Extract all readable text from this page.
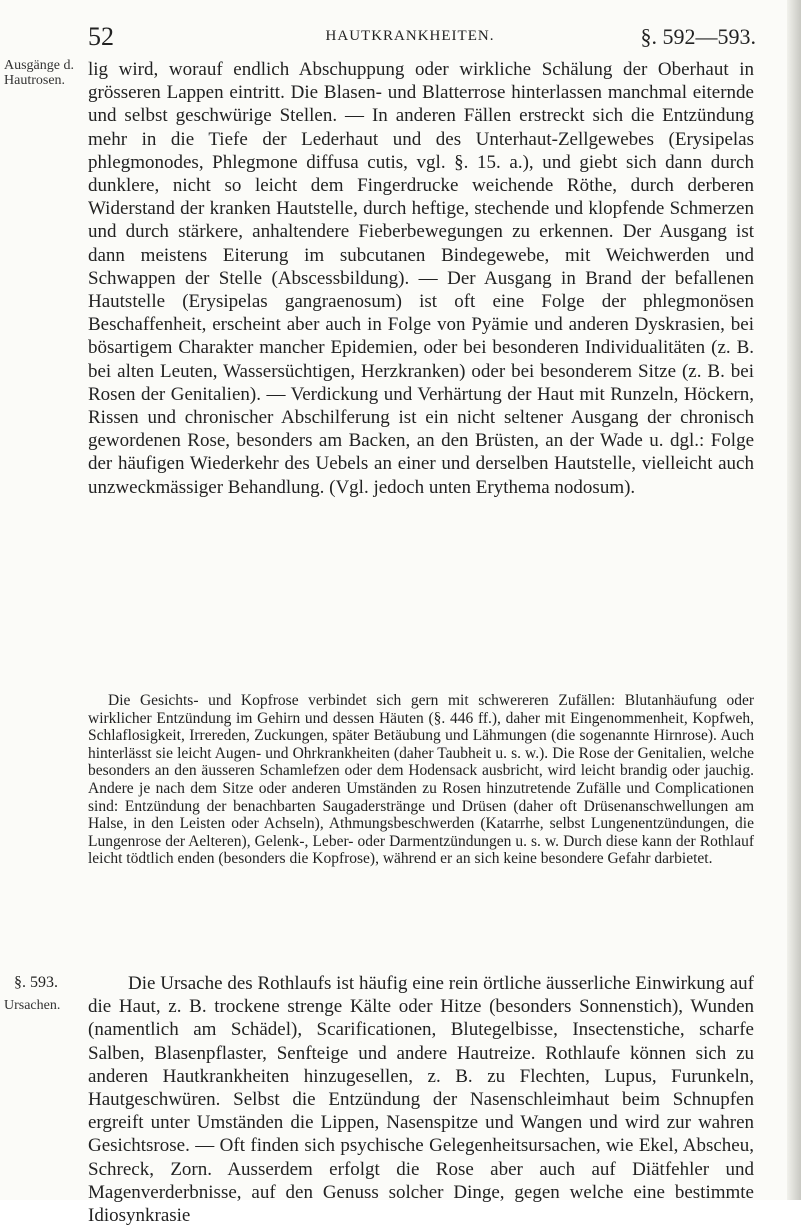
52	HAUTKRANKHEITEN.	§. 592—593.
Ausgänge d. Hautrosen.

lig wird, worauf endlich Abschuppung oder wirkliche Schälung der Oberhaut in grösseren Lappen eintritt. Die Blasen- und Blatterrose hinterlassen manchmal eiternde und selbst geschwürige Stellen. — In anderen Fällen erstreckt sich die Entzündung mehr in die Tiefe der Lederhaut und des Unterhaut-Zellgewebes (Erysipelas phlegmonodes, Phlegmone diffusa cutis, vgl. §. 15. a.), und giebt sich dann durch dunklere, nicht so leicht dem Fingerdrucke weichende Röthe, durch derberen Widerstand der kranken Hautstelle, durch heftige, stechende und klopfende Schmerzen und durch stärkere, anhaltendere Fieberbewegungen zu erkennen. Der Ausgang ist dann meistens Eiterung im subcutanen Bindegewebe, mit Weichwerden und Schwappen der Stelle (Abscessbildung). — Der Ausgang in Brand der befallenen Hautstelle (Erysipelas gangraenosum) ist oft eine Folge der phlegmonösen Beschaffenheit, erscheint aber auch in Folge von Pyämie und anderen Dyskrasien, bei bösartigem Charakter mancher Epidemien, oder bei besonderen Individualitäten (z. B. bei alten Leuten, Wassersüchtigen, Herzkranken) oder bei besonderem Sitze (z. B. bei Rosen der Genitalien). — Verdickung und Verhärtung der Haut mit Runzeln, Höckern, Rissen und chronischer Abschilferung ist ein nicht seltener Ausgang der chronisch gewordenen Rose, besonders am Backen, an den Brüsten, an der Wade u. dgl.: Folge der häufigen Wiederkehr des Uebels an einer und derselben Hautstelle, vielleicht auch unzweckmässiger Behandlung. (Vgl. jedoch unten Erythema nodosum).

Die Gesichts- und Kopfrose verbindet sich gern mit schwereren Zufällen: Blutanhäufung oder wirklicher Entzündung im Gehirn und dessen Häuten (§. 446 ff.), daher mit Eingenommenheit, Kopfweh, Schlaflosigkeit, Irrereden, Zuckungen, später Betäubung und Lähmungen (die sogenannte Hirnrose). Auch hinterlässt sie leicht Augen- und Ohrkrankheiten (daher Taubheit u. s. w.). Die Rose der Genitalien, welche besonders an den äusseren Schamlefzen oder dem Hodensack ausbricht, wird leicht brandig oder jauchig. Andere je nach dem Sitze oder anderen Umständen zu Rosen hinzutretende Zufälle und Complicationen sind: Entzündung der benachbarten Saugaderstränge und Drüsen (daher oft Drüsenanschwellungen am Halse, in den Leisten oder Achseln), Athmungsbeschwerden (Katarrhe, selbst Lungenentzündungen, die Lungenrose der Aelteren), Gelenk-, Leber- oder Darmentzündungen u. s. w. Durch diese kann der Rothlauf leicht tödtlich enden (besonders die Kopfrose), während er an sich keine besondere Gefahr darbietet.

§. 593.
Ursachen.

Die Ursache des Rothlaufs ist häufig eine rein örtliche äusserliche Einwirkung auf die Haut, z. B. trockene strenge Kälte oder Hitze (besonders Sonnenstich), Wunden (namentlich am Schädel), Scarificationen, Blutegelbisse, Insectenstiche, scharfe Salben, Blasenpflaster, Senfteige und andere Hautreize. Rothlaufe können sich zu anderen Hautkrankheiten hinzugesellen, z. B. zu Flechten, Lupus, Furunkeln, Hautgeschwüren. Selbst die Entzündung der Nasenschleimhaut beim Schnupfen ergreift unter Umständen die Lippen, Nasenspitze und Wangen und wird zur wahren Gesichtsrose. — Oft finden sich psychische Gelegenheitsursachen, wie Ekel, Abscheu, Schreck, Zorn. Ausserdem erfolgt die Rose aber auch auf Diätfehler und Magenverderbnisse, auf den Genuss solcher Dinge, gegen welche eine bestimmte Idiosynkrasie
